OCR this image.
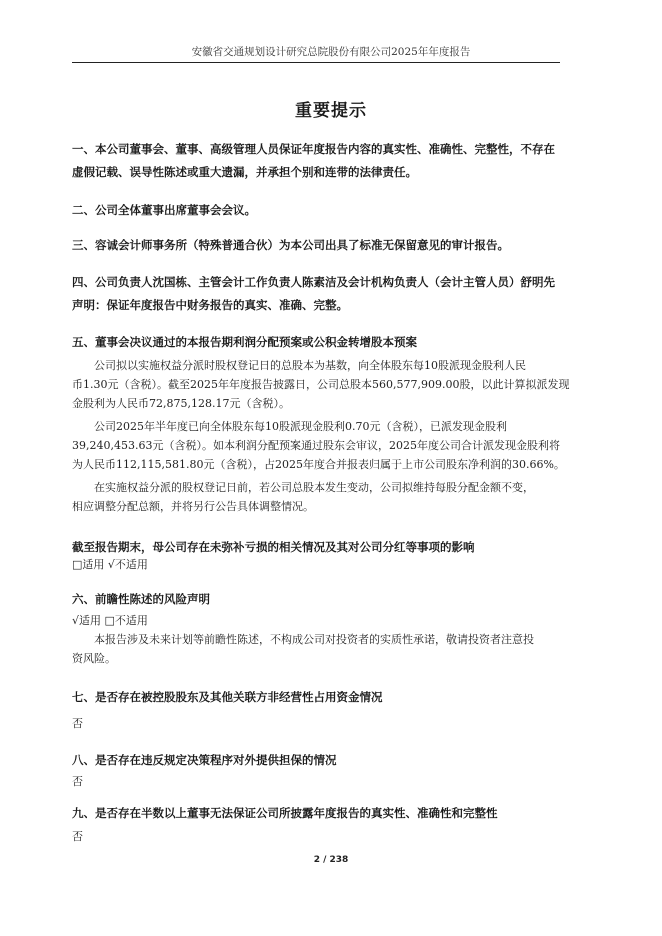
安徽省交通规划设计研究总院股份有限公司2025年年度报告
重要提示
一、本公司董事会、董事、高级管理人员保证年度报告内容的真实性、准确性、完整性，不存在
虚假记载、误导性陈述或重大遗漏，并承担个别和连带的法律责任。
二、公司全体董事出席董事会会议。
三、容诚会计师事务所（特殊普通合伙）为本公司出具了标准无保留意见的审计报告。
四、公司负责人沈国栋、主管会计工作负责人陈素洁及会计机构负责人（会计主管人员）舒明先
声明：保证年度报告中财务报告的真实、准确、完整。
五、董事会决议通过的本报告期利润分配预案或公积金转增股本预案
公司拟以实施权益分派时股权登记日的总股本为基数，向全体股东每10股派现金股利人民
币1.30元（含税）。截至2025年年度报告披露日，公司总股本560,577,909.00股，以此计算拟派发现
金股利为人民币72,875,128.17元（含税）。
公司2025年半年度已向全体股东每10股派现金股利0.70元（含税），已派发现金股利
39,240,453.63元（含税）。如本利润分配预案通过股东会审议，2025年度公司合计派发现金股利将
为人民币112,115,581.80元（含税），占2025年度合并报表归属于上市公司股东净利润的30.66%。
在实施权益分派的股权登记日前，若公司总股本发生变动，公司拟维持每股分配金额不变，
相应调整分配总额，并将另行公告具体调整情况。
截至报告期末，母公司存在未弥补亏损的相关情况及其对公司分红等事项的影响
□适用 √不适用
六、前瞻性陈述的风险声明
√适用 □不适用
本报告涉及未来计划等前瞻性陈述，不构成公司对投资者的实质性承诺，敬请投资者注意投
资风险。
七、是否存在被控股股东及其他关联方非经营性占用资金情况
否
八、是否存在违反规定决策程序对外提供担保的情况
否
九、是否存在半数以上董事无法保证公司所披露年度报告的真实性、准确性和完整性
否
2 / 238
